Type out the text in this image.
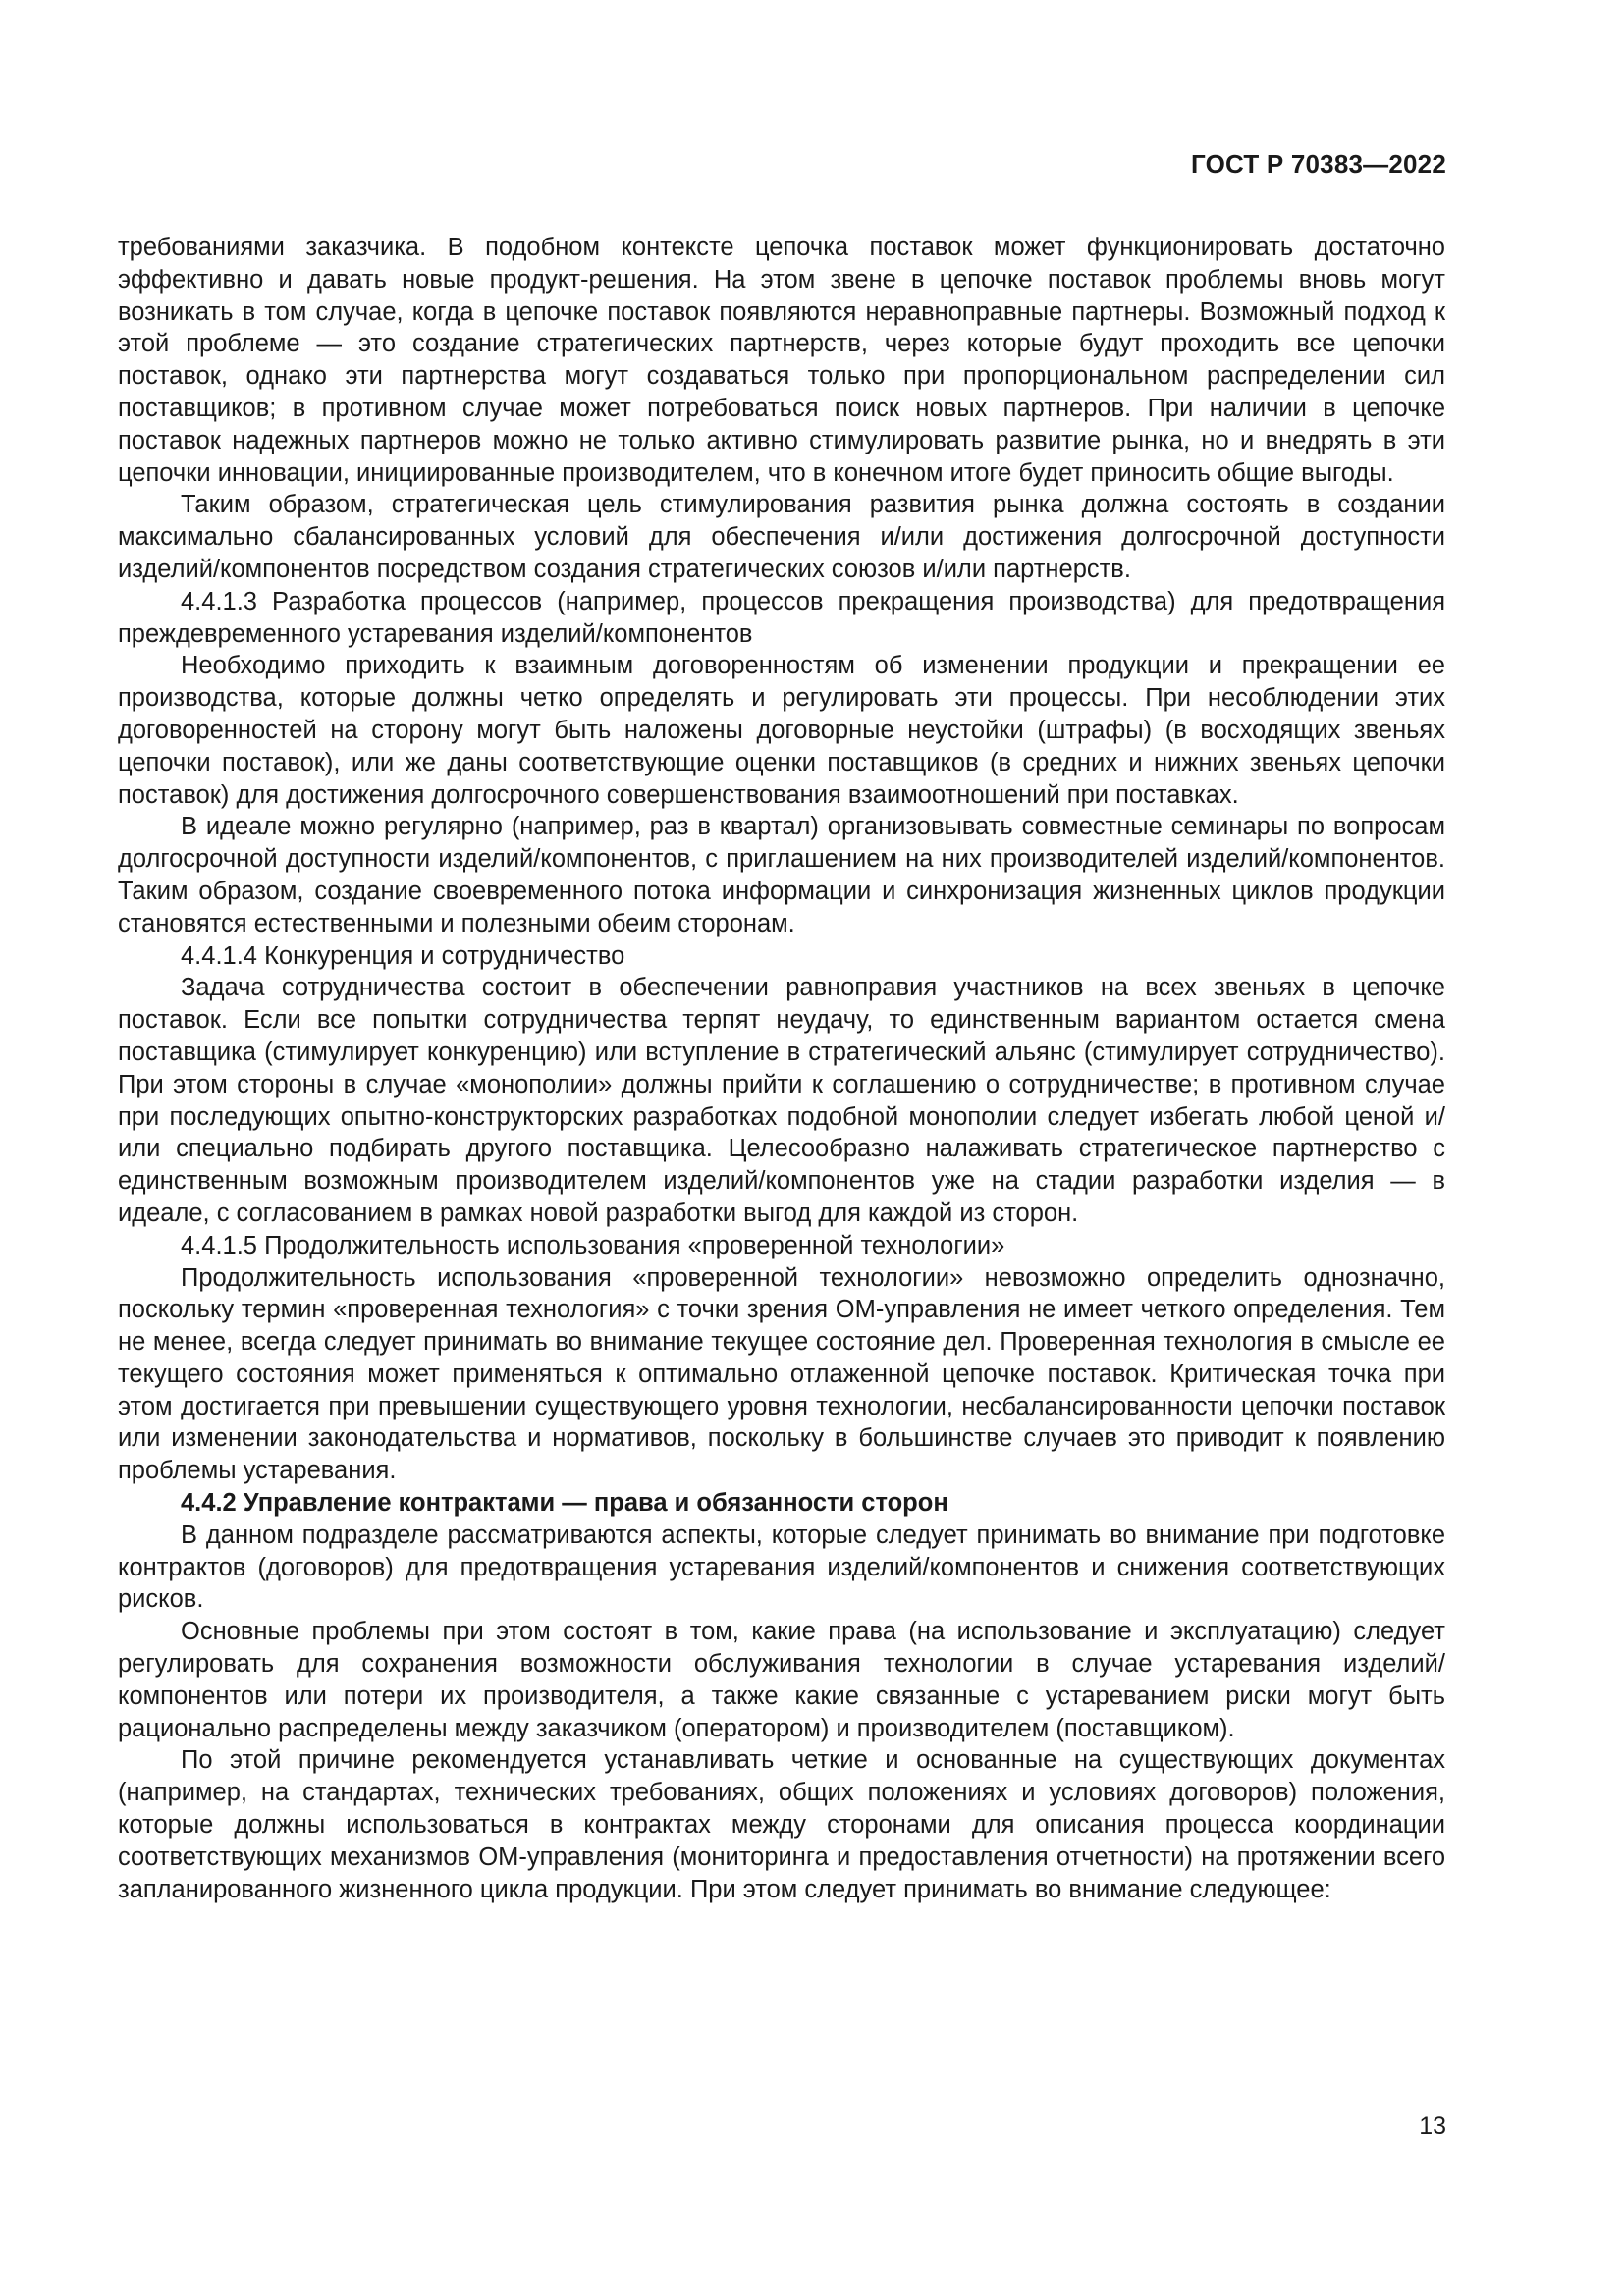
ГОСТ Р 70383—2022

требованиями заказчика. В подобном контексте цепочка поставок может функционировать достаточно эффективно и давать новые продукт-решения. На этом звене в цепочке поставок проблемы вновь могут возникать в том случае, когда в цепочке поставок появляются неравноправные партнеры. Возможный подход к этой проблеме — это создание стратегических партнерств, через которые будут проходить все цепочки поставок, однако эти партнерства могут создаваться только при пропорциональном распределении сил поставщиков; в противном случае может потребоваться поиск новых партнеров. При наличии в цепочке поставок надежных партнеров можно не только активно стимулировать развитие рынка, но и внедрять в эти цепочки инновации, инициированные производителем, что в конечном итоге будет приносить общие выгоды.

Таким образом, стратегическая цель стимулирования развития рынка должна состоять в создании максимально сбалансированных условий для обеспечения и/или достижения долгосрочной доступности изделий/компонентов посредством создания стратегических союзов и/или партнерств.

4.4.1.3 Разработка процессов (например, процессов прекращения производства) для предотвращения преждевременного устаревания изделий/компонентов

Необходимо приходить к взаимным договоренностям об изменении продукции и прекращении ее производства, которые должны четко определять и регулировать эти процессы. При несоблюдении этих договоренностей на сторону могут быть наложены договорные неустойки (штрафы) (в восходящих звеньях цепочки поставок), или же даны соответствующие оценки поставщиков (в средних и нижних звеньях цепочки поставок) для достижения долгосрочного совершенствования взаимоотношений при поставках.

В идеале можно регулярно (например, раз в квартал) организовывать совместные семинары по вопросам долгосрочной доступности изделий/компонентов, с приглашением на них производителей изделий/компонентов. Таким образом, создание своевременного потока информации и синхронизация жизненных циклов продукции становятся естественными и полезными обеим сторонам.

4.4.1.4 Конкуренция и сотрудничество

Задача сотрудничества состоит в обеспечении равноправия участников на всех звеньях в цепочке поставок. Если все попытки сотрудничества терпят неудачу, то единственным вариантом остается смена поставщика (стимулирует конкуренцию) или вступление в стратегический альянс (стимулирует сотрудничество). При этом стороны в случае «монополии» должны прийти к соглашению о сотрудничестве; в противном случае при последующих опытно-конструкторских разработках подобной монополии следует избегать любой ценой и/или специально подбирать другого поставщика. Целесообразно налаживать стратегическое партнерство с единственным возможным производителем изделий/компонентов уже на стадии разработки изделия — в идеале, с согласованием в рамках новой разработки выгод для каждой из сторон.

4.4.1.5 Продолжительность использования «проверенной технологии»

Продолжительность использования «проверенной технологии» невозможно определить однозначно, поскольку термин «проверенная технология» с точки зрения ОМ-управления не имеет четкого определения. Тем не менее, всегда следует принимать во внимание текущее состояние дел. Проверенная технология в смысле ее текущего состояния может применяться к оптимально отлаженной цепочке поставок. Критическая точка при этом достигается при превышении существующего уровня технологии, несбалансированности цепочки поставок или изменении законодательства и нормативов, поскольку в большинстве случаев это приводит к появлению проблемы устаревания.

4.4.2 Управление контрактами — права и обязанности сторон

В данном подразделе рассматриваются аспекты, которые следует принимать во внимание при подготовке контрактов (договоров) для предотвращения устаревания изделий/компонентов и снижения соответствующих рисков.

Основные проблемы при этом состоят в том, какие права (на использование и эксплуатацию) следует регулировать для сохранения возможности обслуживания технологии в случае устаревания изделий/компонентов или потери их производителя, а также какие связанные с устареванием риски могут быть рационально распределены между заказчиком (оператором) и производителем (поставщиком).

По этой причине рекомендуется устанавливать четкие и основанные на существующих документах (например, на стандартах, технических требованиях, общих положениях и условиях договоров) положения, которые должны использоваться в контрактах между сторонами для описания процесса координации соответствующих механизмов ОМ-управления (мониторинга и предоставления отчетности) на протяжении всего запланированного жизненного цикла продукции. При этом следует принимать во внимание следующее:

13
